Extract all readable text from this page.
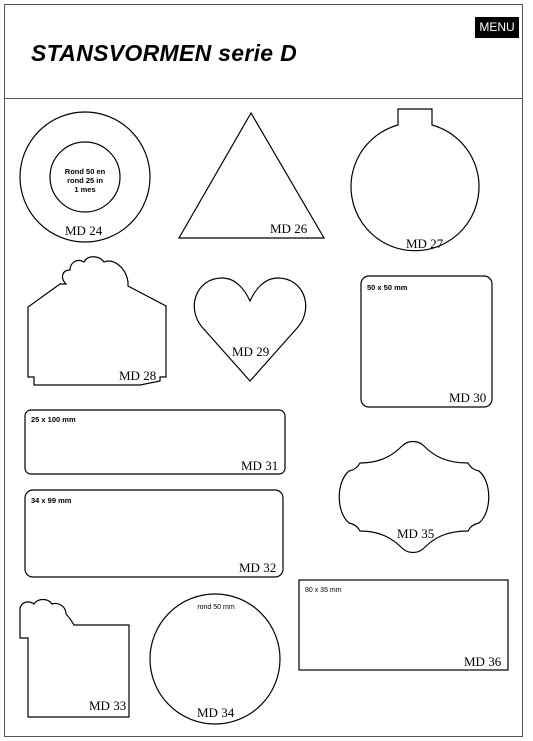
STANSVORMEN serie D
MENU
Rond 50 en
rond 25 in
1 mes
MD 24	MD 26
MD 27
MD 28
MD 29
50 x 50 mm
MD 30
25 x 100 mm
MD 31
34 x 99 mm
MD 32
MD 35
MD 33
rond 50 mm
MD 34
80 x 35 mm
MD 36
